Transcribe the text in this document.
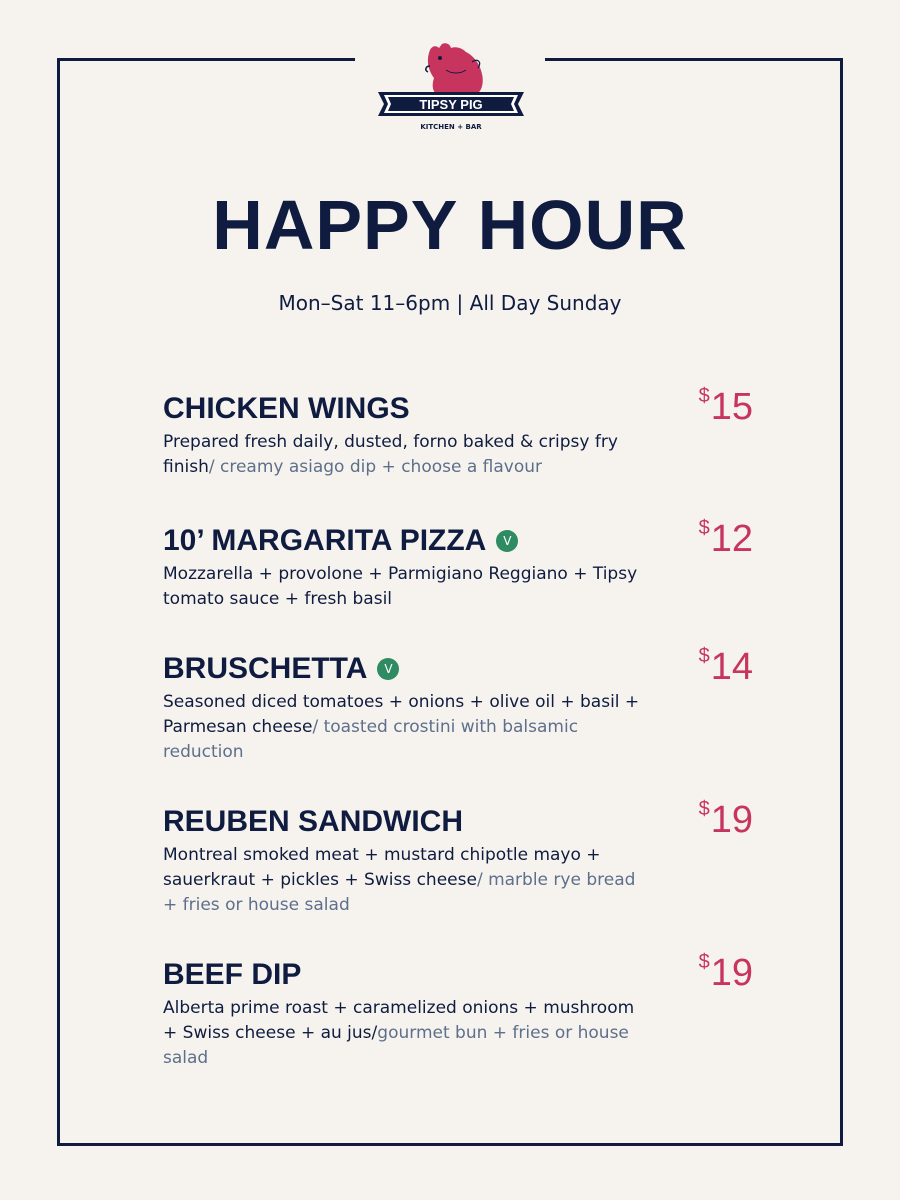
TIPSY PIG
KITCHEN + BAR
HAPPY HOUR
Mon–Sat 11–6pm | All Day Sunday
CHICKEN WINGS
Prepared fresh daily, dusted, forno baked & cripsy fry finish/ creamy asiago dip + choose a flavour
$15
10’ MARGARITA PIZZA	V
Mozzarella + provolone + Parmigiano Reggiano + Tipsy tomato sauce + fresh basil
$12
BRUSCHETTA	V
Seasoned diced tomatoes + onions + olive oil + basil + Parmesan cheese/ toasted crostini with balsamic reduction
$14
REUBEN SANDWICH
Montreal smoked meat + mustard chipotle mayo + sauerkraut + pickles + Swiss cheese/ marble rye bread + fries or house salad
$19
BEEF DIP
Alberta prime roast + caramelized onions + mushroom + Swiss cheese + au jus/gourmet bun + fries or house salad
$19
